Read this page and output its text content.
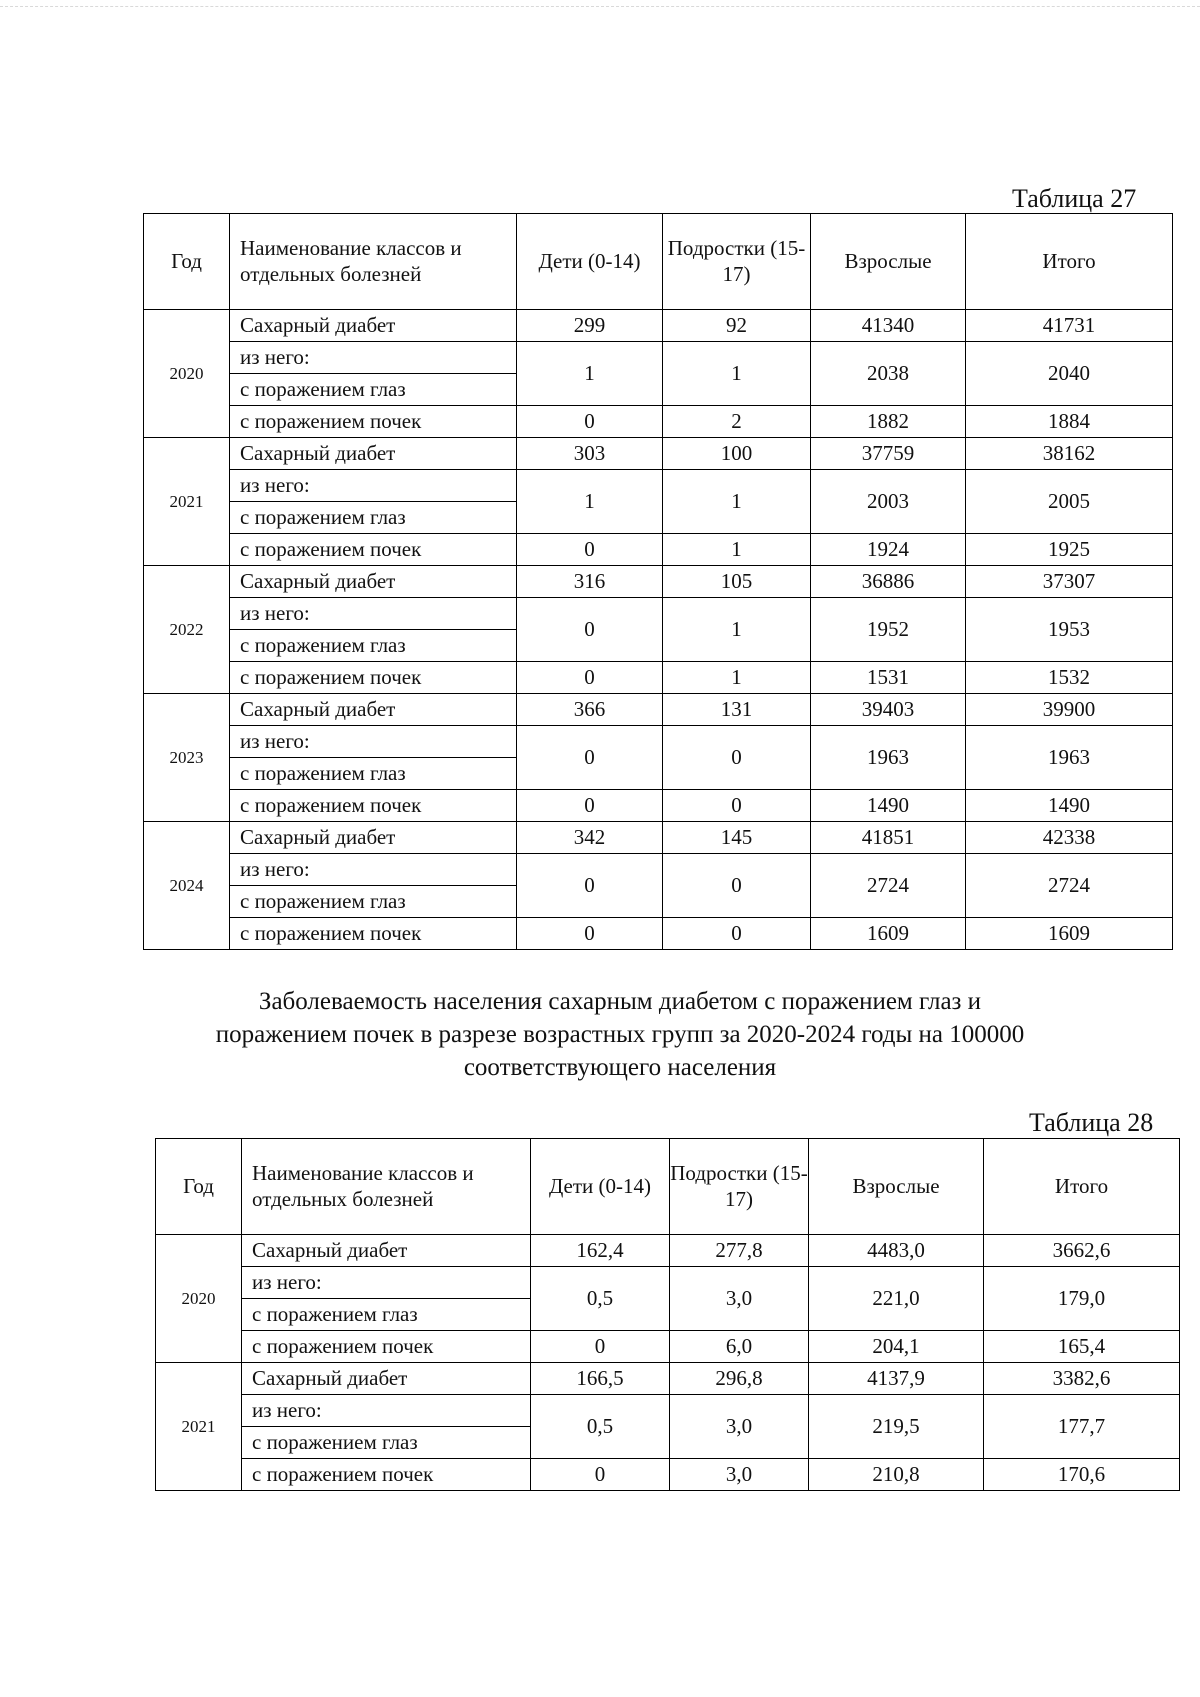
Таблица 27
Год	Наименование классов и отдельных болезней	Дети (0-14)	Подростки (15-17)	Взрослые	Итого
2020	Сахарный диабет	299	92	41340	41731
	из него:	1	1	2038	2040
	с поражением глаз				
	с поражением почек	0	2	1882	1884
2021	Сахарный диабет	303	100	37759	38162
	из него:	1	1	2003	2005
	с поражением глаз				
	с поражением почек	0	1	1924	1925
2022	Сахарный диабет	316	105	36886	37307
	из него:	0	1	1952	1953
	с поражением глаз				
	с поражением почек	0	1	1531	1532
2023	Сахарный диабет	366	131	39403	39900
	из него:	0	0	1963	1963
	с поражением глаз				
	с поражением почек	0	0	1490	1490
2024	Сахарный диабет	342	145	41851	42338
	из него:	0	0	2724	2724
	с поражением глаз				
	с поражением почек	0	0	1609	1609
Заболеваемость населения сахарным диабетом с поражением глаз и поражением почек в разрезе возрастных групп за 2020-2024 годы на 100000 соответствующего населения
Таблица 28
Год	Наименование классов и отдельных болезней	Дети (0-14)	Подростки (15-17)	Взрослые	Итого
2020	Сахарный диабет	162,4	277,8	4483,0	3662,6
	из него:	0,5	3,0	221,0	179,0
	с поражением глаз				
	с поражением почек	0	6,0	204,1	165,4
2021	Сахарный диабет	166,5	296,8	4137,9	3382,6
	из него:	0,5	3,0	219,5	177,7
	с поражением глаз				
	с поражением почек	0	3,0	210,8	170,6
